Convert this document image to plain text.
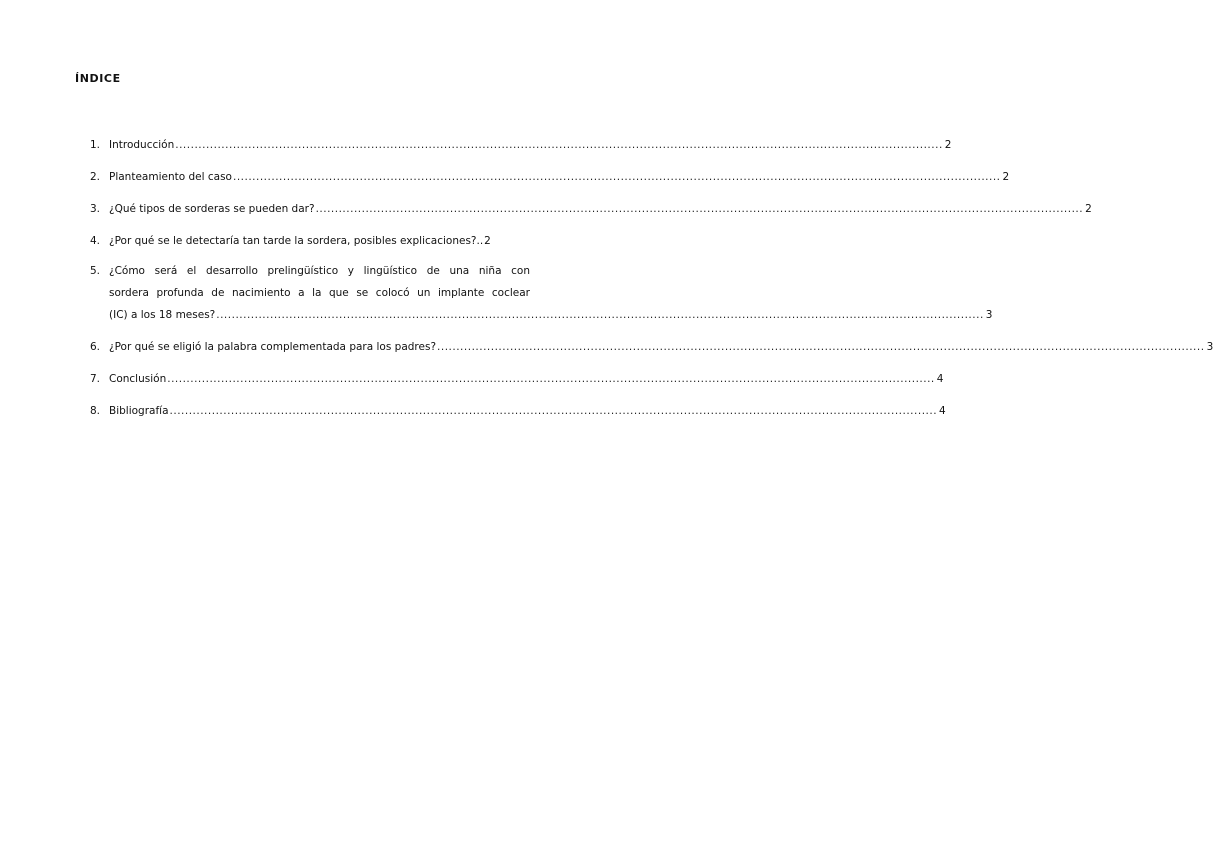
ÍNDICE
1. Introducción ........................................................................................................................................................................................................ 2
2. Planteamiento del caso ........................................................................................................................................................................................................ 2
3. ¿Qué tipos de sorderas se pueden dar? ........................................................................................................................................................................................................ 2
4. ¿Por qué se le detectaría tan tarde la sordera, posibles explicaciones?.. 2
5. ¿Cómo será el desarrollo prelingüístico y lingüístico de una niña con
sordera profunda de nacimiento a la que se colocó un implante coclear
(IC) a los 18 meses? ........................................................................................................................................................................................................ 3
6. ¿Por qué se eligió la palabra complementada para los padres? ........................................................................................................................................................................................................ 3
7. Conclusión ........................................................................................................................................................................................................ 4
8. Bibliografía ........................................................................................................................................................................................................ 4
